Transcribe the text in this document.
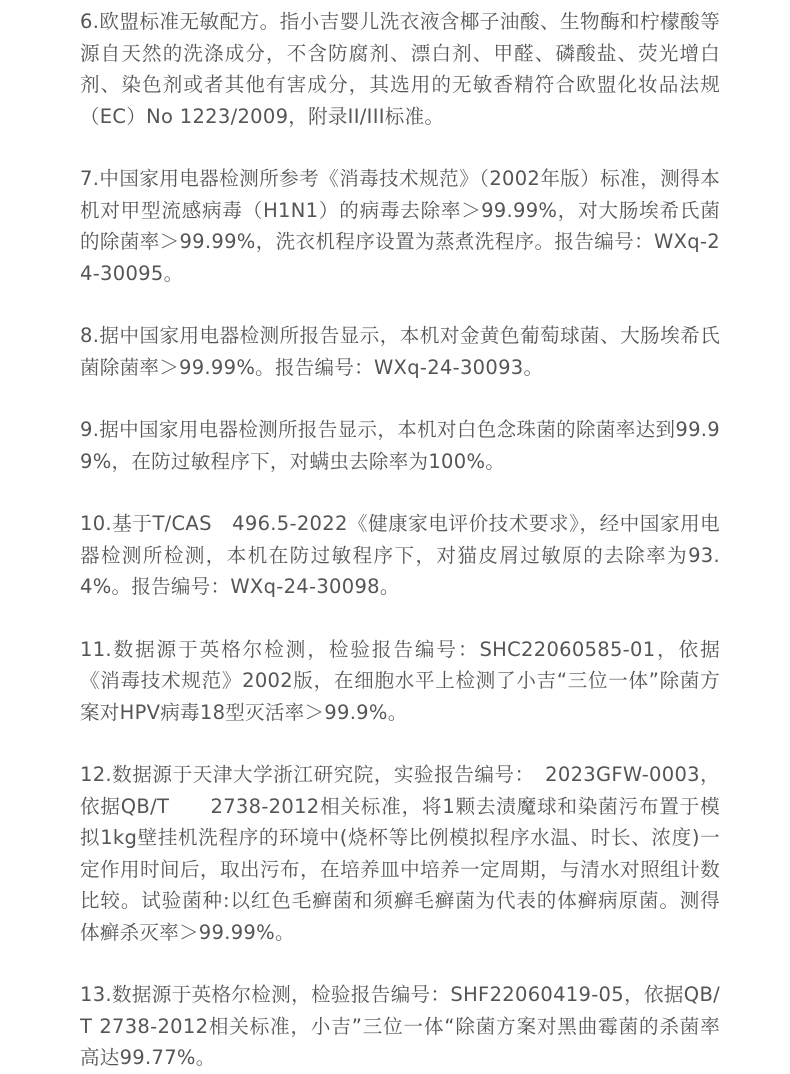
6.欧盟标准无敏配方。指小吉婴儿洗衣液含椰子油酸、生物酶和柠檬酸等源自天然的洗涤成分，不含防腐剂、漂白剂、甲醛、磷酸盐、荧光增白剂、染色剂或者其他有害成分，其选用的无敏香精符合欧盟化妆品法规（EC）No 1223/2009，附录II/III标准。

7.中国家用电器检测所参考《消毒技术规范》（2002年版）标准，测得本机对甲型流感病毒（H1N1）的病毒去除率＞99.99%，对大肠埃希氏菌的除菌率＞99.99%，洗衣机程序设置为蒸煮洗程序。报告编号：WXq-24-30095。

8.据中国家用电器检测所报告显示，本机对金黄色葡萄球菌、大肠埃希氏菌除菌率＞99.99%。报告编号：WXq-24-30093。

9.据中国家用电器检测所报告显示，本机对白色念珠菌的除菌率达到99.99%，在防过敏程序下，对螨虫去除率为100%。

10.基于T/CAS　496.5-2022《健康家电评价技术要求》，经中国家用电器检测所检测，本机在防过敏程序下，对猫皮屑过敏原的去除率为93.4%。报告编号：WXq-24-30098。

11.数据源于英格尔检测，检验报告编号：SHC22060585-01，依据《消毒技术规范》2002版，在细胞水平上检测了小吉“三位一体”除菌方案对HPV病毒18型灭活率＞99.9%。

12.数据源于天津大学浙江研究院，实验报告编号：　2023GFW-0003，依据QB/T　　2738-2012相关标准，将1颗去渍魔球和染菌污布置于模拟1kg壁挂机洗程序的环境中(烧杯等比例模拟程序水温、时长、浓度)一定作用时间后，取出污布，在培养皿中培养一定周期，与清水对照组计数比较。试验菌种:以红色毛癣菌和须癣毛癣菌为代表的体癣病原菌。测得体癣杀灭率＞99.99%。

13.数据源于英格尔检测，检验报告编号：SHF22060419-05，依据QB/T 2738-2012相关标准，小吉”三位一体“除菌方案对黑曲霉菌的杀菌率高达99.77%。
